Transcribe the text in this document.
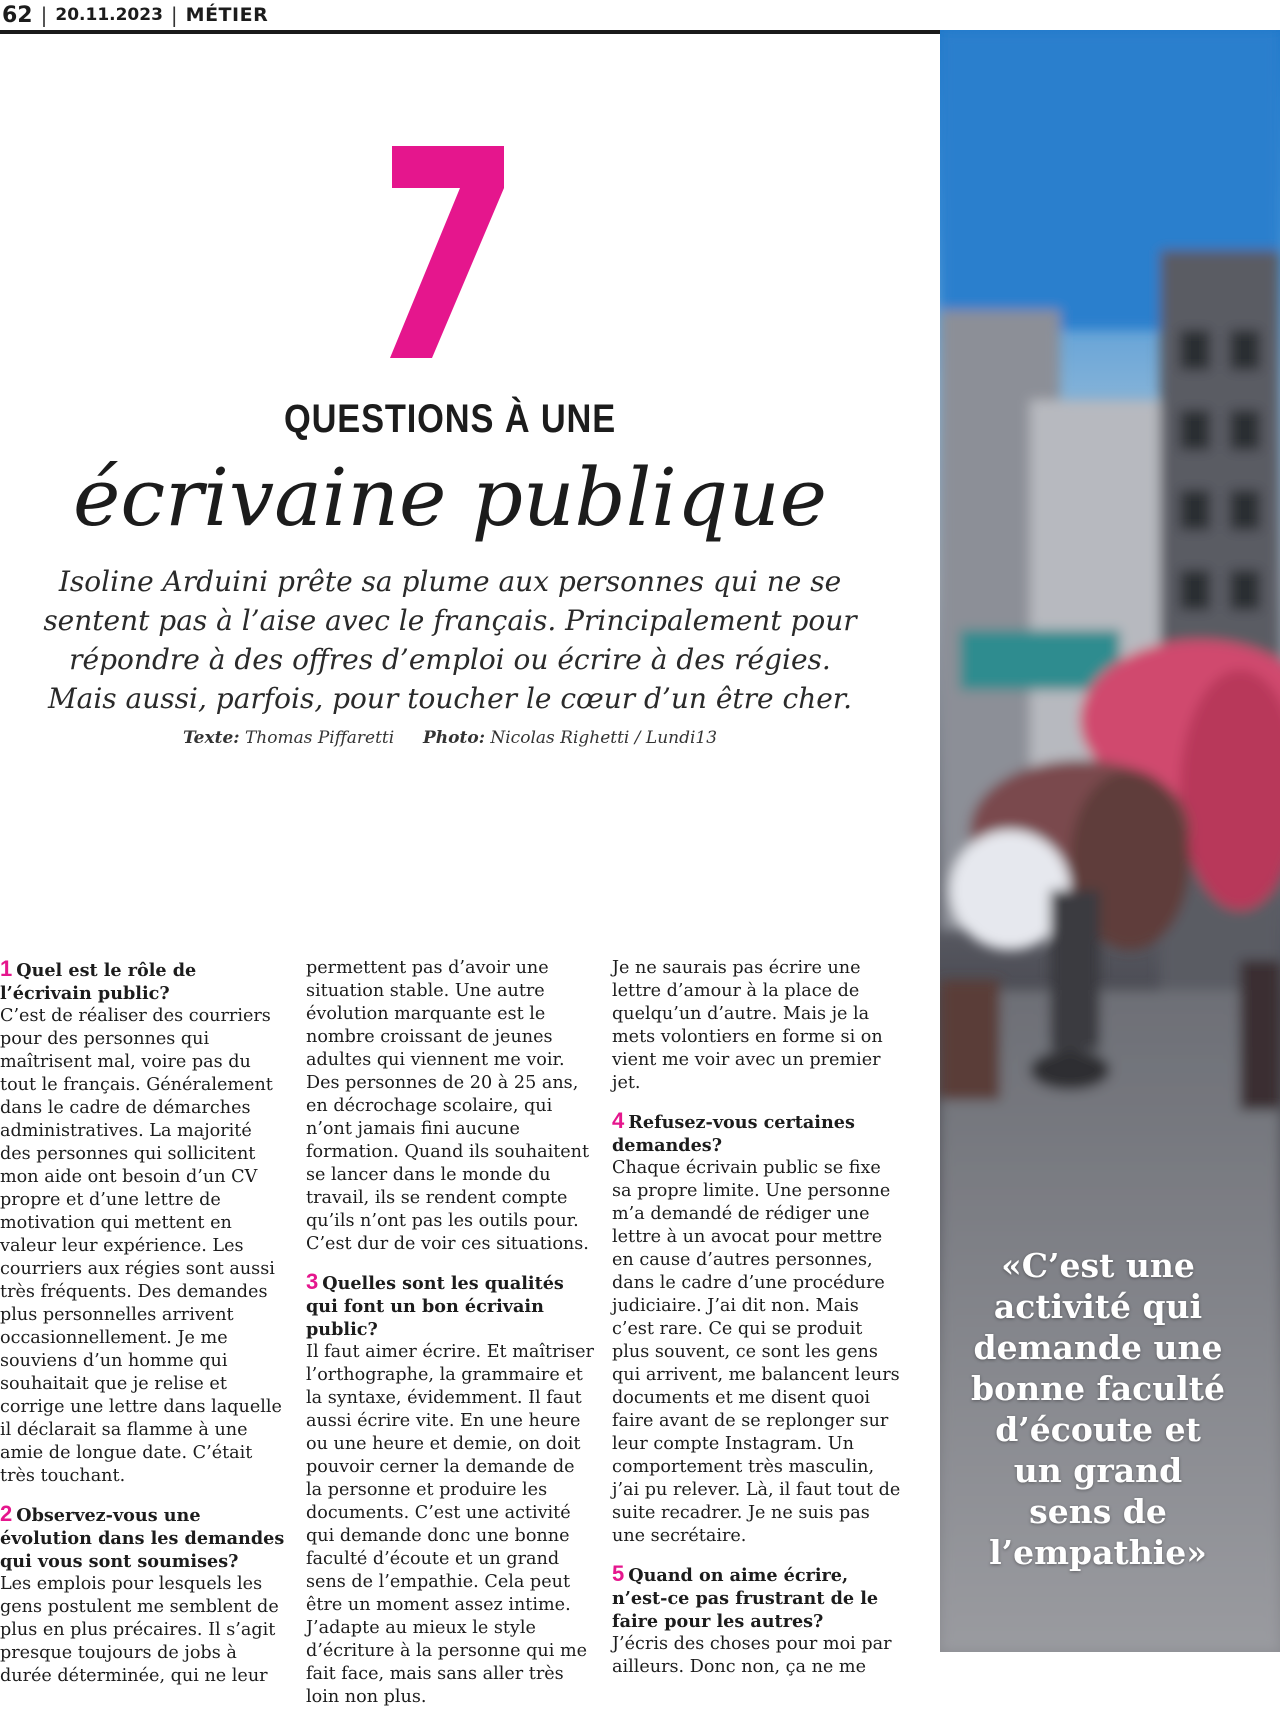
62 | 20.11.2023 | MÉTIER
«C’est une activité qui demande une bonne faculté d’écoute et un grand sens de l’empathie»
QUESTIONS À UNE
écrivaine publique
Isoline Arduini prête sa plume aux personnes qui ne se sentent pas à l’aise avec le français. Principalement pour répondre à des offres d’emploi ou écrire à des régies. Mais aussi, parfois, pour toucher le cœur d’un être cher.
Texte: Thomas Piffaretti Photo: Nicolas Righetti / Lundi13

1 Quel est le rôle de l’écrivain public?

C’est de réaliser des courriers pour des personnes qui maîtrisent mal, voire pas du tout le français. Généralement dans le cadre de démarches administratives. La majorité des personnes qui sollicitent mon aide ont besoin d’un CV propre et d’une lettre de motivation qui mettent en valeur leur expérience. Les courriers aux régies sont aussi très fréquents. Des demandes plus personnelles arrivent occasionnellement. Je me souviens d’un homme qui souhaitait que je relise et corrige une lettre dans laquelle il déclarait sa flamme à une amie de longue date. C’était très touchant.

2 Observez-vous une évolution dans les demandes qui vous sont soumises?

Les emplois pour lesquels les gens postulent me semblent de plus en plus précaires. Il s’agit presque toujours de jobs à durée déterminée, qui ne leur

permettent pas d’avoir une situation stable. Une autre évolution marquante est le nombre croissant de jeunes adultes qui viennent me voir. Des personnes de 20 à 25 ans, en décrochage scolaire, qui n’ont jamais fini aucune formation. Quand ils souhaitent se lancer dans le monde du travail, ils se rendent compte qu’ils n’ont pas les outils pour. C’est dur de voir ces situations.

3 Quelles sont les qualités qui font un bon écrivain public?

Il faut aimer écrire. Et maîtriser l’orthographe, la grammaire et la syntaxe, évidemment. Il faut aussi écrire vite. En une heure ou une heure et demie, on doit pouvoir cerner la demande de la personne et produire les documents. C’est une activité qui demande donc une bonne faculté d’écoute et un grand sens de l’empathie. Cela peut être un moment assez intime. J’adapte au mieux le style d’écriture à la personne qui me fait face, mais sans aller très loin non plus.

Je ne saurais pas écrire une lettre d’amour à la place de quelqu’un d’autre. Mais je la mets volontiers en forme si on vient me voir avec un premier jet.

4 Refusez-vous certaines demandes?

Chaque écrivain public se fixe sa propre limite. Une personne m’a demandé de rédiger une lettre à un avocat pour mettre en cause d’autres personnes, dans le cadre d’une procédure judiciaire. J’ai dit non. Mais c’est rare. Ce qui se produit plus souvent, ce sont les gens qui arrivent, me balancent leurs documents et me disent quoi faire avant de se replonger sur leur compte Instagram. Un comportement très masculin, j’ai pu relever. Là, il faut tout de suite recadrer. Je ne suis pas une secrétaire.

5 Quand on aime écrire, n’est-ce pas frustrant de le faire pour les autres?

J’écris des choses pour moi par ailleurs. Donc non, ça ne me
